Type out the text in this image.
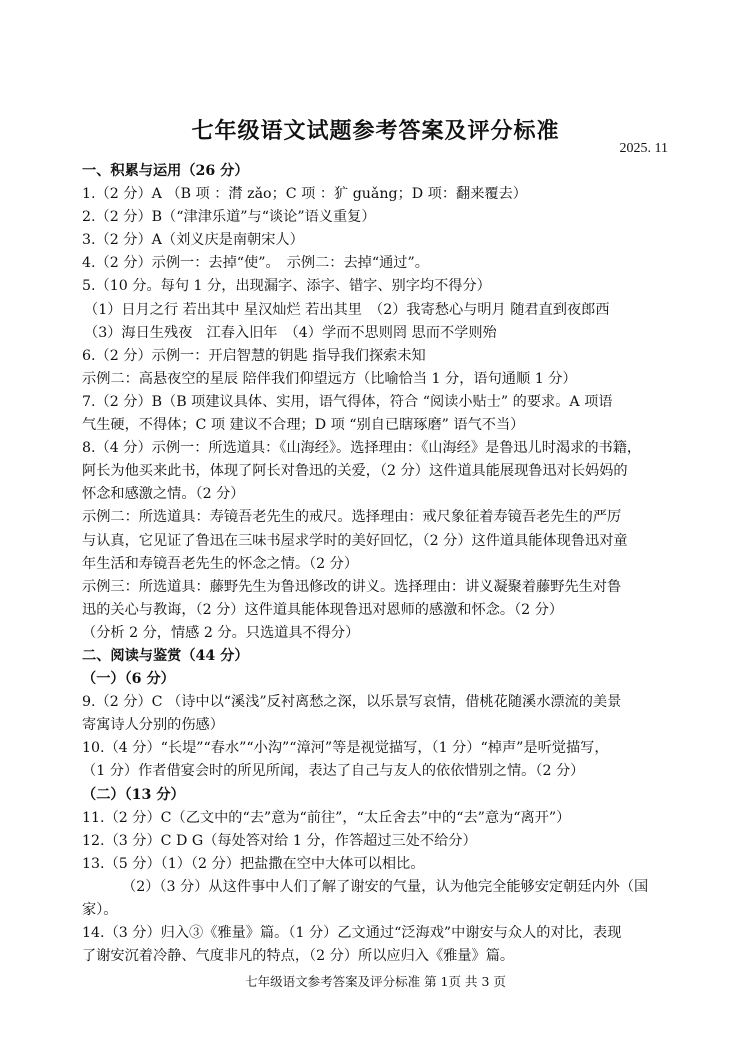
七年级语文试题参考答案及评分标准
2025. 11
一、积累与运用（26 分）
1.（2 分）A （B 项 ：潸 zǎo；C 项 ：犷 guǎng；D 项：翻来覆去）
2.（2 分）B（“津津乐道”与“谈论”语义重复）
3.（2 分）A（刘义庆是南朝宋人）
4.（2 分）示例一：去掉“使”。　示例二：去掉“通过”。
5.（10 分。每句 1 分，出现漏字、添字、错字、别字均不得分）
（1）日月之行 若出其中 星汉灿烂 若出其里　（2）我寄愁心与明月 随君直到夜郎西
（3）海日生残夜　江春入旧年　（4）学而不思则罔 思而不学则殆
6.（2 分）示例一：开启智慧的钥匙 指导我们探索未知
示例二：高悬夜空的星辰 陪伴我们仰望远方（比喻恰当 1 分，语句通顺 1 分）
7.（2 分）B（B 项建议具体、实用，语气得体，符合 “阅读小贴士” 的要求。A 项语
气生硬，不得体；C 项 建议不合理；D 项 “别自已瞎琢磨” 语气不当）
8.（4 分）示例一：所选道具：《山海经》。选择理由：《山海经》是鲁迅儿时渴求的书籍，
阿长为他买来此书，体现了阿长对鲁迅的关爱，（2 分）这件道具能展现鲁迅对长妈妈的
怀念和感激之情。（2 分）
示例二：所选道具：寿镜吾老先生的戒尺。选择理由：戒尺象征着寿镜吾老先生的严厉
与认真，它见证了鲁迅在三味书屋求学时的美好回忆，（2 分）这件道具能体现鲁迅对童
年生活和寿镜吾老先生的怀念之情。（2 分）
示例三：所选道具：藤野先生为鲁迅修改的讲义。选择理由：讲义凝聚着藤野先生对鲁
迅的关心与教诲，（2 分）这件道具能体现鲁迅对恩师的感激和怀念。（2 分）
（分析 2 分，情感 2 分。只选道具不得分）
二、阅读与鉴赏（44 分）
（一）（6 分）
9.（2 分）C （诗中以“溪浅”反衬离愁之深，以乐景写哀情，借桃花随溪水漂流的美景
寄寓诗人分别的伤感）
10.（4 分）“长堤”“春水”“小沟”“漳河”等是视觉描写，（1 分）“棹声”是听觉描写，
（1 分）作者借宴会时的所见所闻，表达了自己与友人的依依惜别之情。（2 分）
（二）（13 分）
11.（2 分）C（乙文中的“去”意为“前往”，“太丘舍去”中的“去”意为“离开”）
12.（3 分）C D G（每处答对给 1 分，作答超过三处不给分）
13.（5 分）（1）（2 分）把盐撒在空中大体可以相比。
（2）（3 分）从这件事中人们了解了谢安的气量，认为他完全能够安定朝廷内外（国
家）。
14.（3 分）归入③《雅量》篇。（1 分）乙文通过“泛海戏”中谢安与众人的对比，表现
了谢安沉着冷静、气度非凡的特点，（2 分）所以应归入《雅量》篇。
七年级语文参考答案及评分标准 第 1页 共 3 页
